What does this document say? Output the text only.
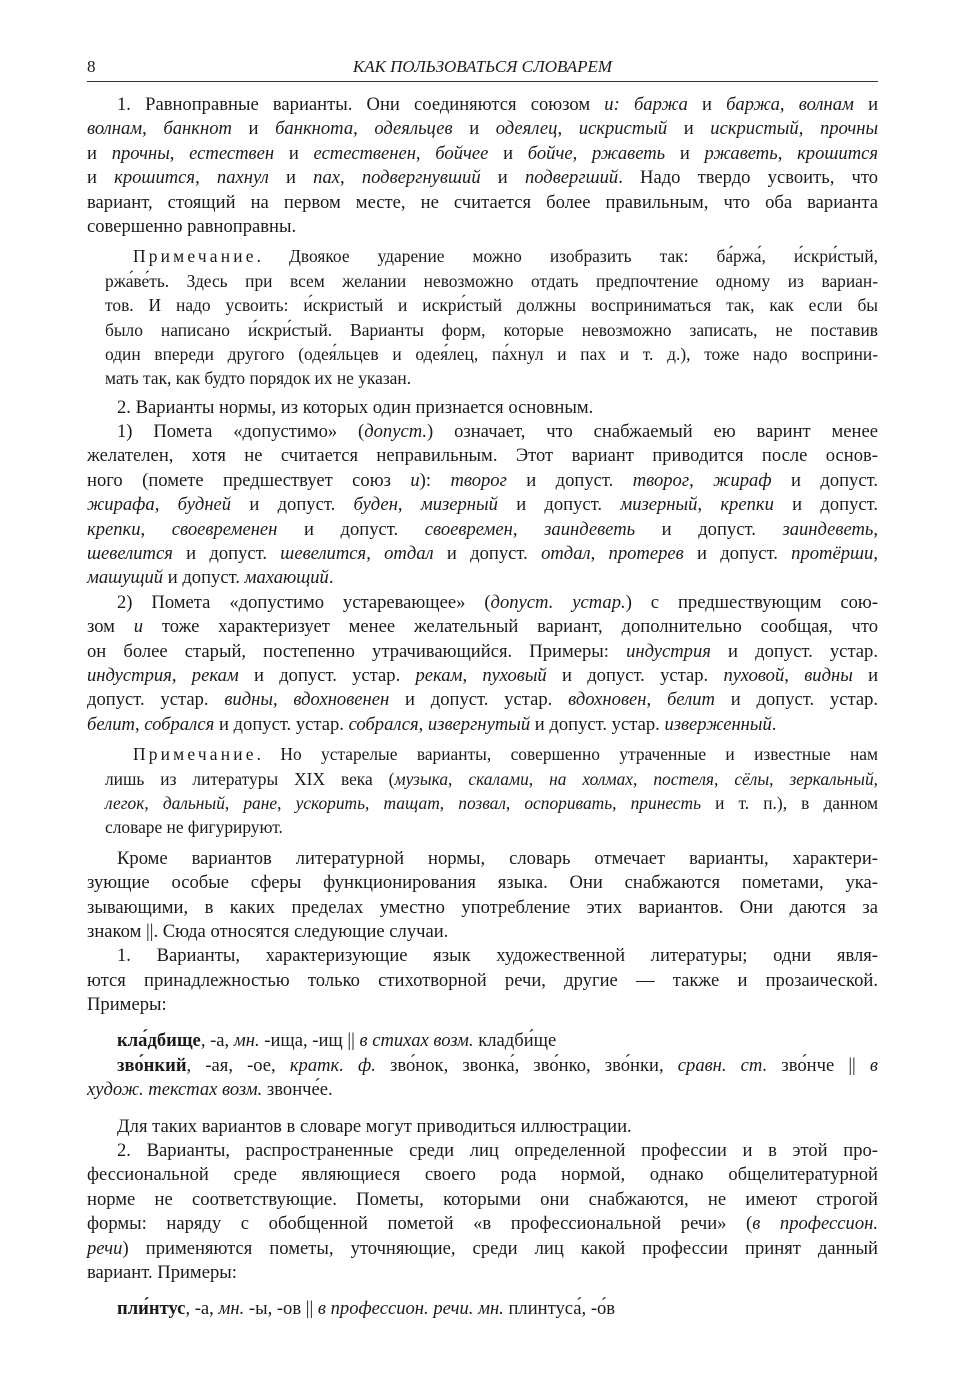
8	КАК ПОЛЬЗОВАТЬСЯ СЛОВАРЕМ
1. Равноправные варианты. Они соединяются союзом и: баржа и баржа, волнам и
волнам, банкнот и банкнота, одеяльцев и одеялец, искристый и искристый, прочны
и прочны, естествен и естественен, бойчее и бойче, ржаветь и ржаветь, крошится
и крошится, пахнул и пах, подвергнувший и подвергший. Надо твердо усвоить, что
вариант, стоящий на первом месте, не считается более правильным, что оба варианта
совершенно равноправны.
Примечание. Двоякое ударение можно изобразить так: ба́ржа́, и́скри́стый,
ржа́ве́ть. Здесь при всем желании невозможно отдать предпочтение одному из вариан-
тов. И надо усвоить: и́скристый и искри́стый должны восприниматься так, как если бы
было написано и́скри́стый. Варианты форм, которые невозможно записать, не поставив
один впереди другого (одея́льцев и одея́лец, па́хнул и пах и т. д.), тоже надо восприни-
мать так, как будто порядок их не указан.
2. Варианты нормы, из которых один признается основным.
1) Помета «допустимо» (допуст.) означает, что снабжаемый ею варинт менее
желателен, хотя не считается неправильным. Этот вариант приводится после основ-
ного (помете предшествует союз и): творог и допуст. творог, жираф и допуст.
жирафа, будней и допуст. буден, мизерный и допуст. мизерный, крепки и допуст.
крепки, своевременен и допуст. своевремен, заиндеветь и допуст. заиндеветь,
шевелится и допуст. шевелится, отдал и допуст. отдал, протерев и допуст. протёрши,
машущий и допуст. махающий.
2) Помета «допустимо устаревающее» (допуст. устар.) с предшествующим сою-
зом и тоже характеризует менее желательный вариант, дополнительно сообщая, что
он более старый, постепенно утрачивающийся. Примеры: индустрия и допуст. устар.
индустрия, рекам и допуст. устар. рекам, пуховый и допуст. устар. пуховой, видны и
допуст. устар. видны, вдохновенен и допуст. устар. вдохновен, белит и допуст. устар.
белит, собрался и допуст. устар. собрался, извергнутый и допуст. устар. изверженный.
Примечание. Но устарелые варианты, совершенно утраченные и известные нам
лишь из литературы XIX века (музыка, скалами, на холмах, постеля, сёлы, зеркальный,
легок, дальный, ране, ускорить, тащат, позвал, оспоривать, принесть и т. п.), в данном
словаре не фигурируют.
Кроме вариантов литературной нормы, словарь отмечает варианты, характери-
зующие особые сферы функционирования языка. Они снабжаются пометами, ука-
зывающими, в каких пределах уместно употребление этих вариантов. Они даются за
знаком ||. Сюда относятся следующие случаи.
1. Варианты, характеризующие язык художественной литературы; одни явля-
ются принадлежностью только стихотворной речи, другие — также и прозаической.
Примеры:
кла́дбище, -а, мн. -ища, -ищ || в стихах возм. кладби́ще
зво́нкий, -ая, -ое, кратк. ф. зво́нок, звонка́, зво́нко, зво́нки, сравн. ст. зво́нче || в
худож. текстах возм. звонче́е.
Для таких вариантов в словаре могут приводиться иллюстрации.
2. Варианты, распространенные среди лиц определенной профессии и в этой про-
фессиональной среде являющиеся своего рода нормой, однако общелитературной
норме не соответствующие. Пометы, которыми они снабжаются, не имеют строгой
формы: наряду с обобщенной пометой «в профессиональной речи» (в профессион.
речи) применяются пометы, уточняющие, среди лиц какой профессии принят данный
вариант. Примеры:
пли́нтус, -а, мн. -ы, -ов || в профессион. речи. мн. плинтуса́, -о́в
